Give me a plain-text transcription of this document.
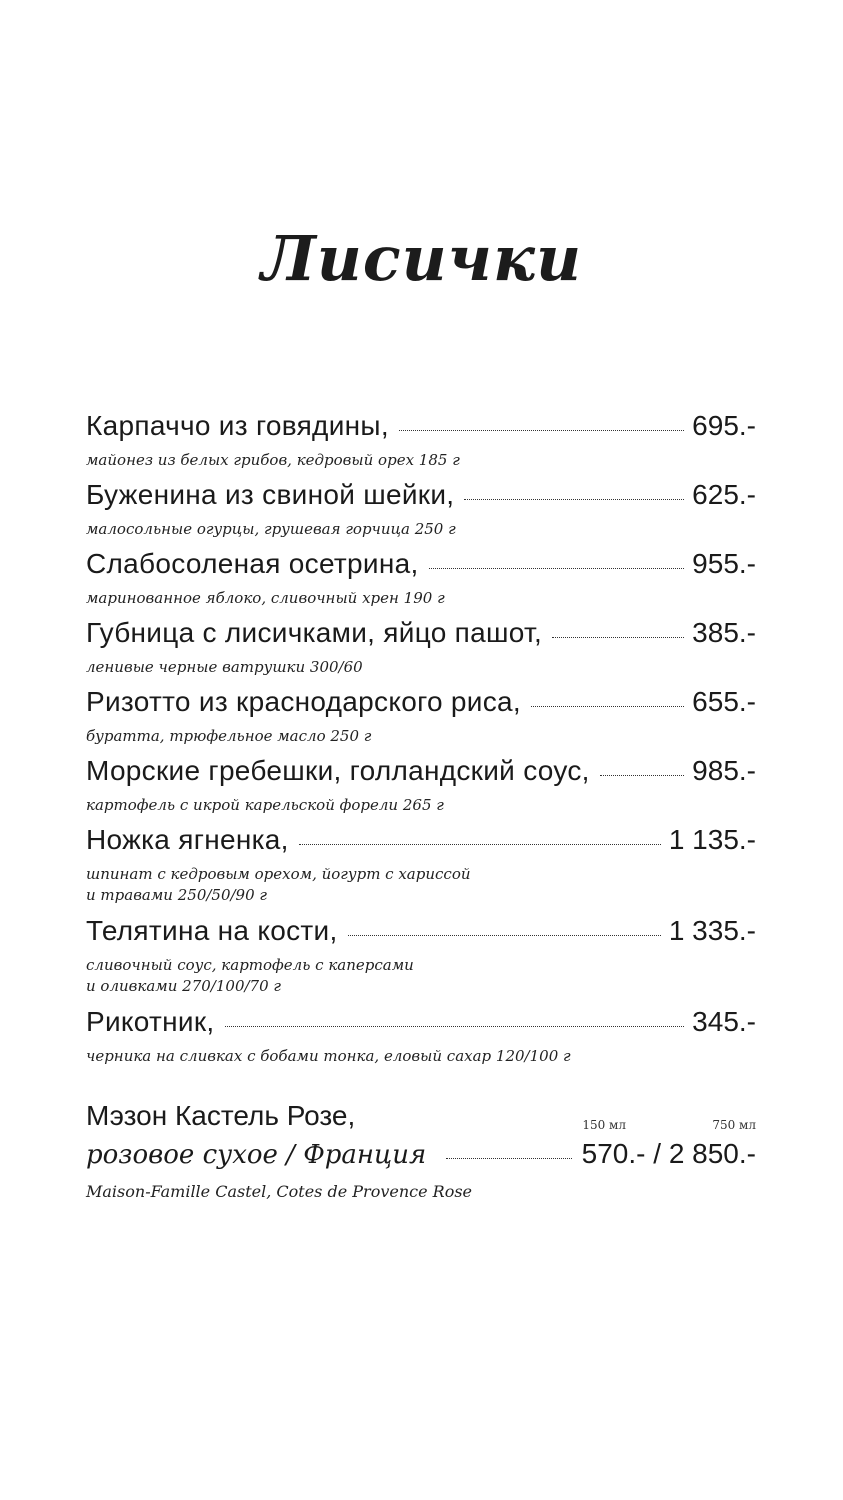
Лисички
Карпаччо из говядины,	695.-
майонез из белых грибов, кедровый орех 185 г
Буженина из свиной шейки,	625.-
малосольные огурцы, грушевая горчица 250 г
Слабосоленая осетрина,	955.-
маринованное яблоко, сливочный хрен 190 г
Губница с лисичками, яйцо пашот,	385.-
ленивые черные ватрушки 300/60
Ризотто из краснодарского риса,	655.-
буратта, трюфельное масло 250 г
Морские гребешки, голландский соус,	985.-
картофель с икрой карельской форели 265 г
Ножка ягненка,	1 135.-
шпинат с кедровым орехом, йогурт с хариссой
и травами 250/50/90 г
Телятина на кости,	1 335.-
сливочный соус, картофель с каперсами
и оливками 270/100/70 г
Рикотник,	345.-
черника на сливках с бобами тонка, еловый сахар 120/100 г
Мэзон Кастель Розе,	150 мл	750 мл
розовое сухое / Франция	570.- / 2 850.-
Maison-Famille Castel, Cotes de Provence Rose
